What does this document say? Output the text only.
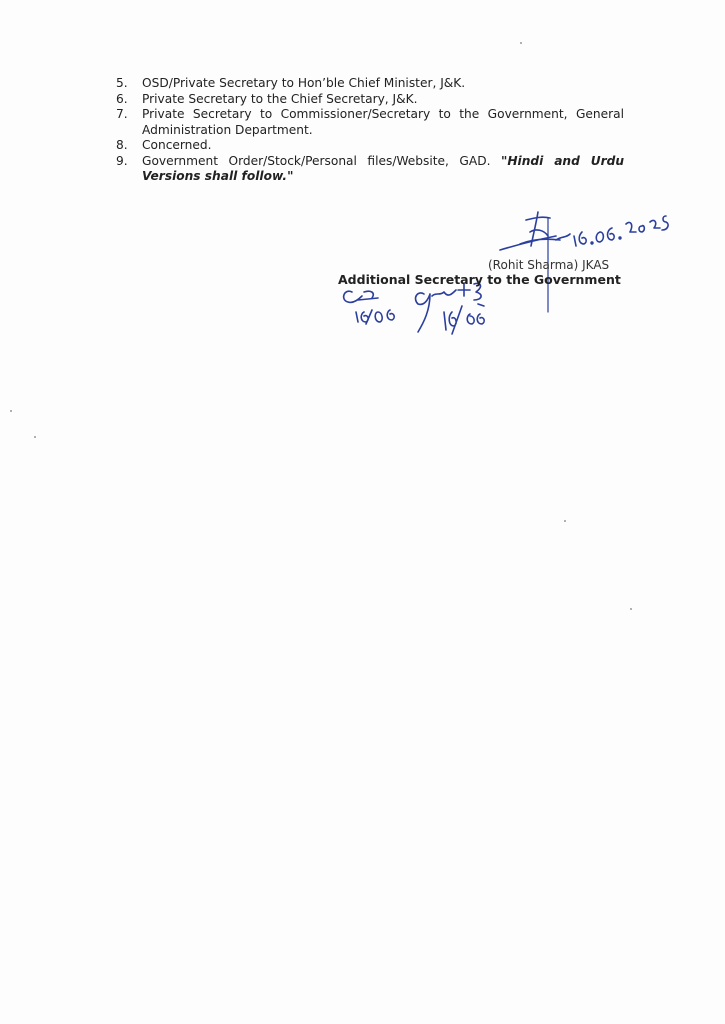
5.	OSD/Private Secretary to Hon’ble Chief Minister, J&K.
6.	Private Secretary to the Chief Secretary, J&K.
7.	Private Secretary to Commissioner/Secretary to the Government, General Administration Department.
8.	Concerned.
9.	Government Order/Stock/Personal files/Website, GAD. "Hindi and Urdu Versions shall follow."
(Rohit Sharma) JKAS
Additional Secretary to the Government
